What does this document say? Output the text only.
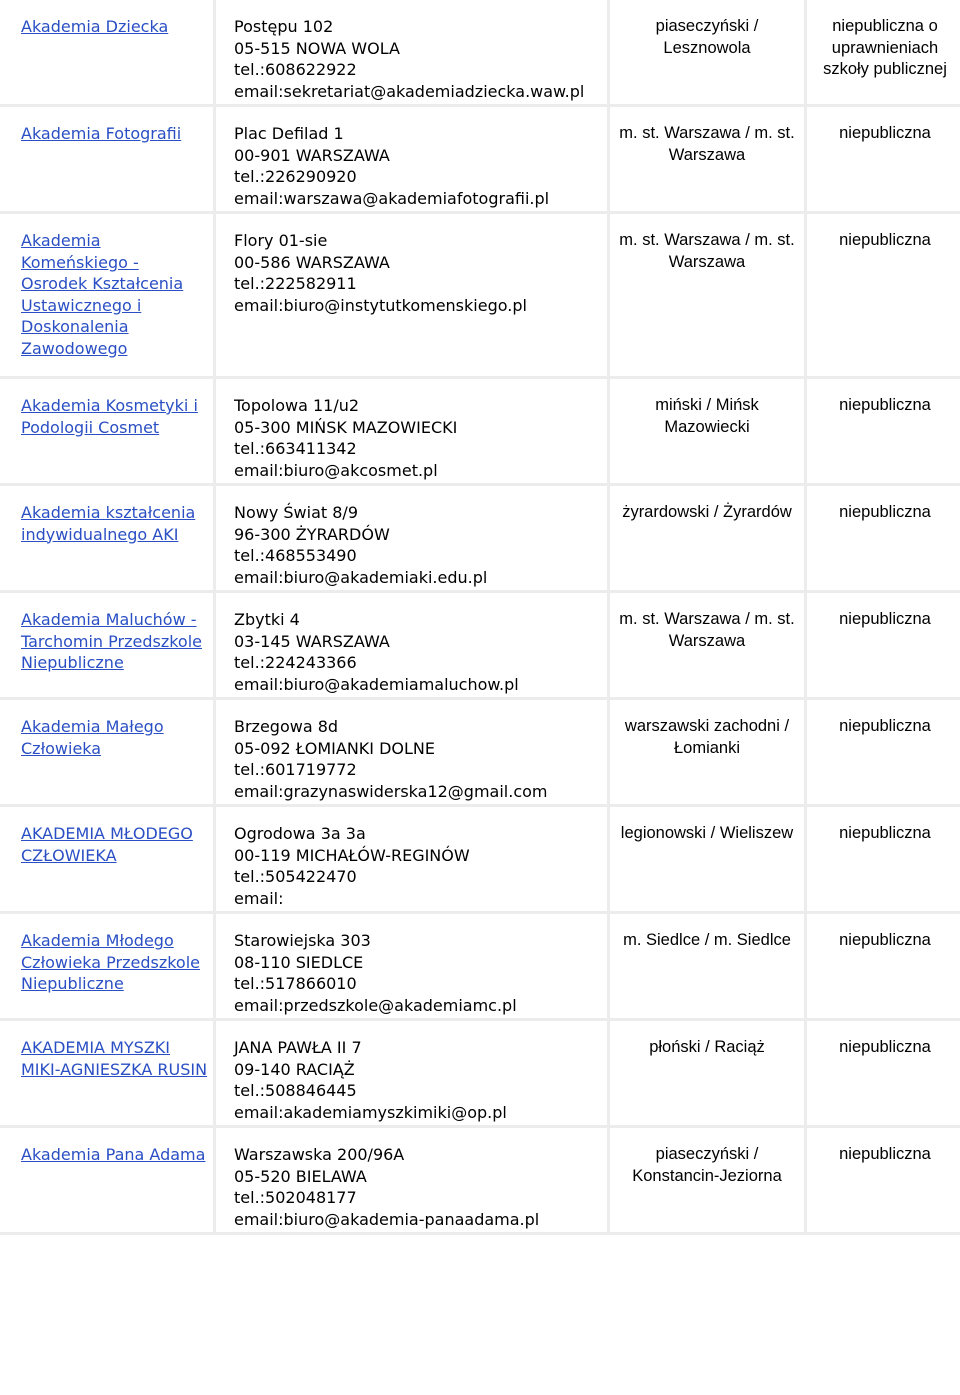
Akademia Dziecka	Postępu 102
05-515 NOWA WOLA
tel.:608622922
email:sekretariat@akademiadziecka.waw.pl	piaseczyński / Lesznowola	niepubliczna o uprawnieniach szkoły publicznej
Akademia Fotografii	Plac Defilad 1
00-901 WARSZAWA
tel.:226290920
email:warszawa@akademiafotografii.pl	m. st. Warszawa / m. st. Warszawa	niepubliczna
Akademia Komeńskiego - Osrodek Kształcenia Ustawicznego i Doskonalenia Zawodowego	Flory 01-sie
00-586 WARSZAWA
tel.:222582911
email:biuro@instytutkomenskiego.pl	m. st. Warszawa / m. st. Warszawa	niepubliczna
Akademia Kosmetyki i Podologii Cosmet	Topolowa 11/u2
05-300 MIŃSK MAZOWIECKI
tel.:663411342
email:biuro@akcosmet.pl	miński / Mińsk Mazowiecki	niepubliczna
Akademia kształcenia indywidualnego AKI	Nowy Świat 8/9
96-300 ŻYRARDÓW
tel.:468553490
email:biuro@akademiaki.edu.pl	żyrardowski / Żyrardów	niepubliczna
Akademia Maluchów - Tarchomin Przedszkole Niepubliczne	Zbytki 4
03-145 WARSZAWA
tel.:224243366
email:biuro@akademiamaluchow.pl	m. st. Warszawa / m. st. Warszawa	niepubliczna
Akademia Małego Człowieka	Brzegowa 8d
05-092 ŁOMIANKI DOLNE
tel.:601719772
email:grazynaswiderska12@gmail.com	warszawski zachodni / Łomianki	niepubliczna
AKADEMIA MŁODEGO CZŁOWIEKA	Ogrodowa 3a 3a
00-119 MICHAŁÓW-REGINÓW
tel.:505422470
email:	legionowski / Wieliszew	niepubliczna
Akademia Młodego Człowieka Przedszkole Niepubliczne	Starowiejska 303
08-110 SIEDLCE
tel.:517866010
email:przedszkole@akademiamc.pl	m. Siedlce / m. Siedlce	niepubliczna
AKADEMIA MYSZKI MIKI-AGNIESZKA RUSIN	JANA PAWŁA II 7
09-140 RACIĄŻ
tel.:508846445
email:akademiamyszkimiki@op.pl	płoński / Raciąż	niepubliczna
Akademia Pana Adama	Warszawska 200/96A
05-520 BIELAWA
tel.:502048177
email:biuro@akademia-panaadama.pl	piaseczyński / Konstancin-Jeziorna	niepubliczna
